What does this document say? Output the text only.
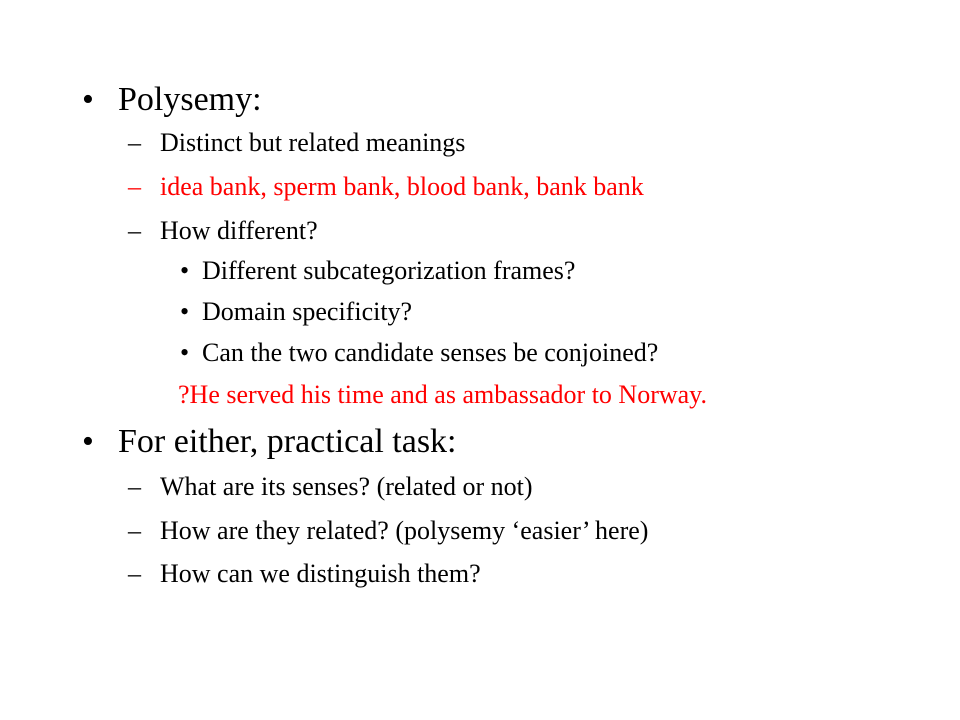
• Polysemy:
– Distinct but related meanings
– idea bank, sperm bank, blood bank, bank bank
– How different?
• Different subcategorization frames?
• Domain specificity?
• Can the two candidate senses be conjoined?
?He served his time and as ambassador to Norway.
• For either, practical task:
– What are its senses? (related or not)
– How are they related? (polysemy ‘easier’ here)
– How can we distinguish them?
